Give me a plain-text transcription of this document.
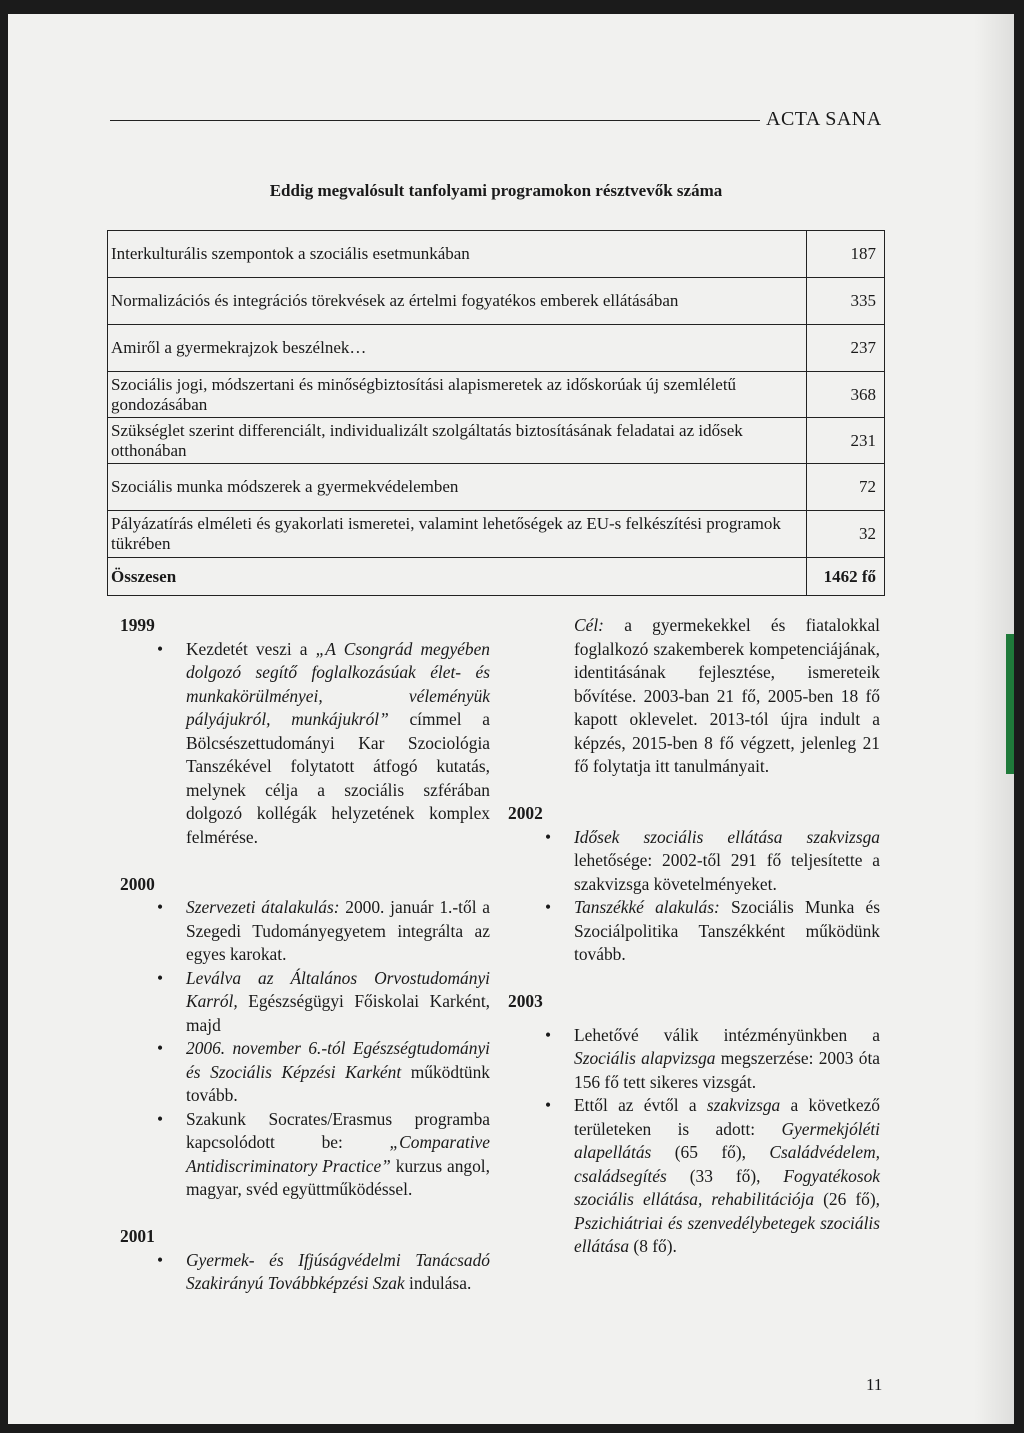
ACTA SANA
Eddig megvalósult tanfolyami programokon résztvevők száma
Interkulturális szempontok a szociális esetmunkában	187
Normalizációs és integrációs törekvések az értelmi fogyatékos emberek ellátásában	335
Amiről a gyermekrajzok beszélnek…	237
Szociális jogi, módszertani és minőségbiztosítási alapismeretek az időskorúak új szemléletű gondozásában	368
Szükséglet szerint differenciált, individualizált szolgáltatás biztosításának feladatai az idősek otthonában	231
Szociális munka módszerek a gyermekvédelemben	72
Pályázatírás elméleti és gyakorlati ismeretei, valamint lehetőségek az EU-s felkészítési programok tükrében	32
Összesen	1462 fő

1999

•	Kezdetét veszi a „A Csongrád megyében dolgozó segítő foglalkozásúak élet- és munkakörülményei, véleményük pályájukról, munkájukról” címmel a Bölcsészettudományi Kar Szociológia Tanszékével folytatott átfogó kutatás, melynek célja a szociális szférában dolgozó kollégák helyzetének komplex felmérése.

2000

•	Szervezeti átalakulás: 2000. január 1.-től a Szegedi Tudományegyetem integrálta az egyes karokat.

•	Leválva az Általános Orvostudományi Karról, Egészségügyi Főiskolai Karként, majd

•	2006. november 6.-tól Egészségtudományi és Szociális Képzési Karként működtünk tovább.

•	Szakunk Socrates/Erasmus programba kapcsolódott be: „Comparative Antidiscriminatory Practice” kurzus angol, magyar, svéd együttműködéssel.

2001

•	Gyermek- és Ifjúságvédelmi Tanácsadó Szakirányú Továbbképzési Szak indulása.

Cél: a gyermekekkel és fiatalokkal foglalkozó szakemberek kompetenciájának, identitásának fejlesztése, ismereteik bővítése. 2003-ban 21 fő, 2005-ben 18 fő kapott oklevelet. 2013-tól újra indult a képzés, 2015-ben 8 fő végzett, jelenleg 21 fő folytatja itt tanulmányait.

2002

•	Idősek szociális ellátása szakvizsga lehetősége: 2002-től 291 fő teljesítette a szakvizsga követelményeket.

•	Tanszékké alakulás: Szociális Munka és Szociálpolitika Tanszékként működünk tovább.

2003

•	Lehetővé válik intézményünkben a Szociális alapvizsga megszerzése: 2003 óta 156 fő tett sikeres vizsgát.

•	Ettől az évtől a szakvizsga a következő területeken is adott: Gyermekjóléti alapellátás (65 fő), Családvédelem, családsegítés (33 fő), Fogyatékosok szociális ellátása, rehabilitációja (26 fő), Pszichiátriai és szenvedélybetegek szociális ellátása (8 fő).

11
